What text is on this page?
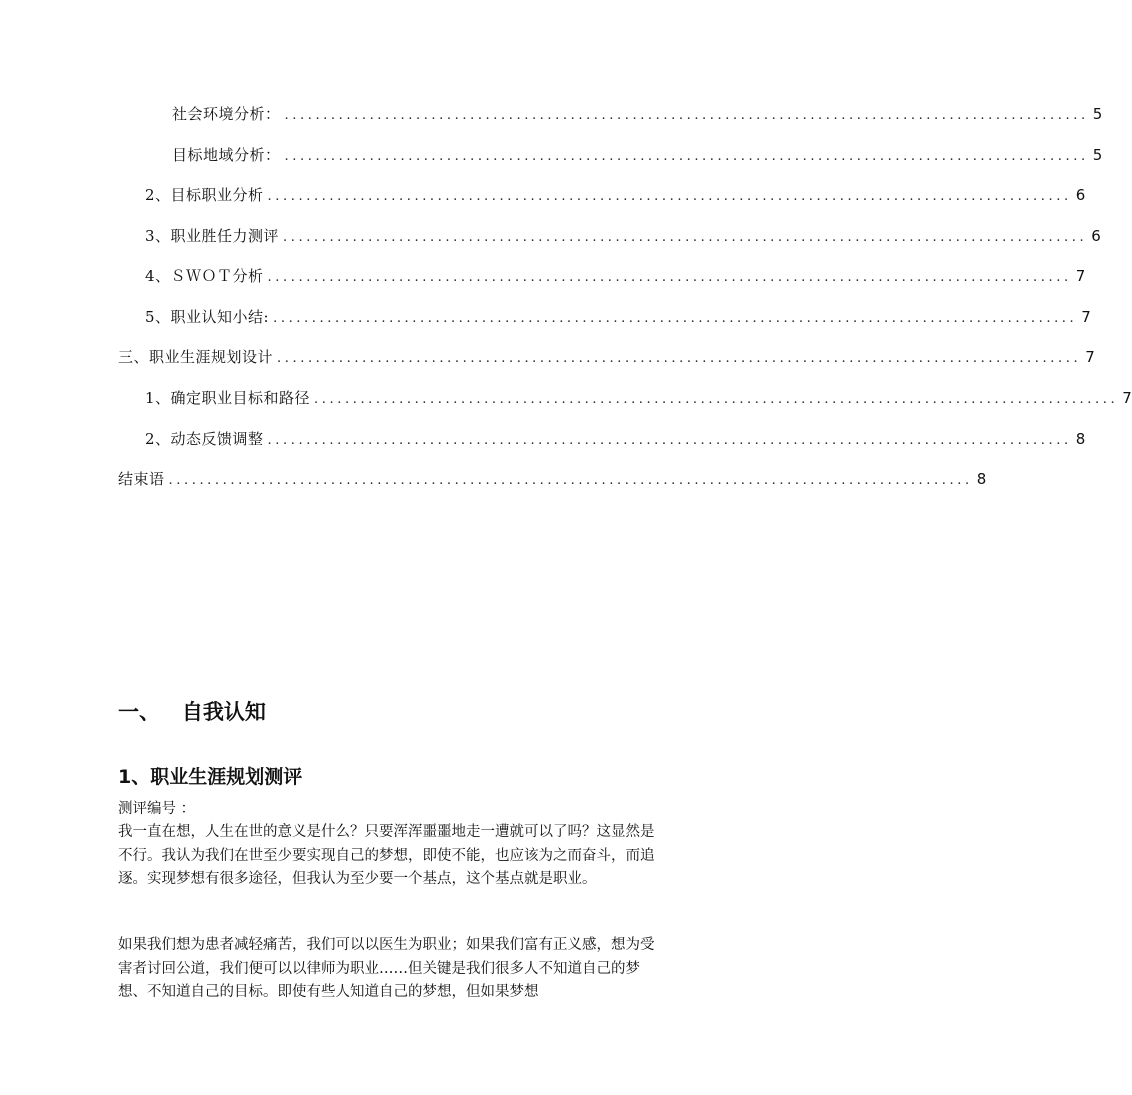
社会环境分析： ........................................................................................................ 5
目标地域分析： ........................................................................................................ 5
2、目标职业分析 ........................................................................................................ 6
3、职业胜任力测评 ........................................................................................................ 6
4、ＳＷＯＴ分析 ........................................................................................................ 7
5、职业认知小结: ........................................................................................................ 7
三、职业生涯规划设计 ........................................................................................................ 7
1、确定职业目标和路径 ........................................................................................................ 7
2、动态反馈调整 ........................................................................................................ 8
结束语 ........................................................................................................ 8
一、   自我认知
1、职业生涯规划测评

测评编号 ：

我一直在想，人生在世的意义是什么？只要浑浑噩噩地走一遭就可以了吗？这显然是不行。我认为我们在世至少要实现自己的梦想，即使不能，也应该为之而奋斗，而追逐。实现梦想有很多途径，但我认为至少要一个基点，这个基点就是职业。

如果我们想为患者减轻痛苦，我们可以以医生为职业；如果我们富有正义感，想为受害者讨回公道，我们便可以以律师为职业……但关键是我们很多人不知道自己的梦想、不知道自己的目标。即使有些人知道自己的梦想，但如果梦想
